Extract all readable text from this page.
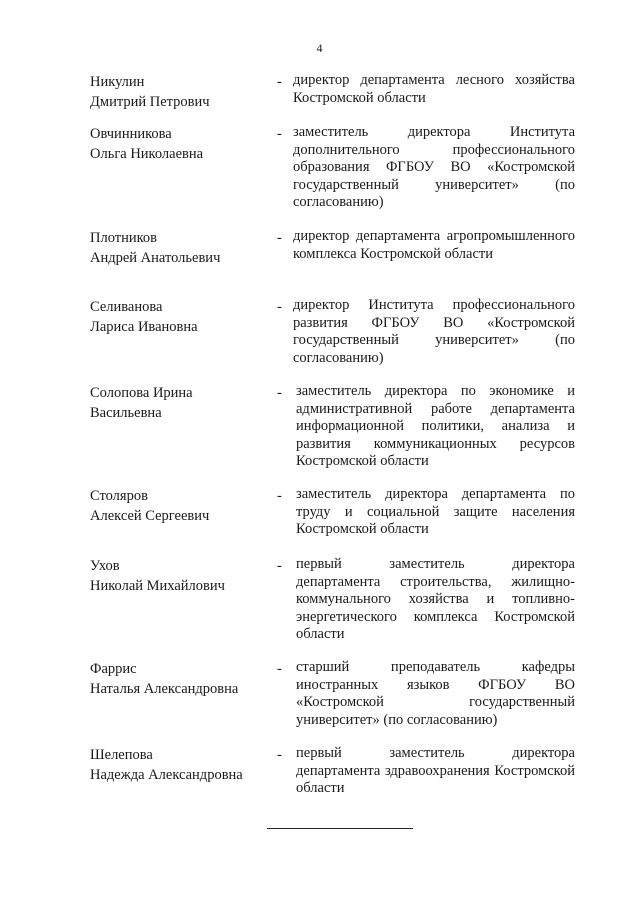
4
Никулин
Дмитрий Петрович
- директор департамента лесного хозяйства Костромской области
Овчинникова
Ольга Николаевна
- заместитель директора Института дополнительного профессионального образования ФГБОУ ВО «Костромской государственный университет» (по согласованию)
Плотников
Андрей Анатольевич
- директор департамента агропромышленного комплекса Костромской области
Селиванова
Лариса Ивановна
- директор Института профессионального развития ФГБОУ ВО «Костромской государственный университет» (по согласованию)
Солопова Ирина
Васильевна
- заместитель директора по экономике и административной работе департамента информационной политики, анализа и развития коммуникационных ресурсов Костромской области
Столяров
Алексей Сергеевич
- заместитель директора департамента по труду и социальной защите населения Костромской области
Ухов
Николай Михайлович
- первый заместитель директора департамента строительства, жилищно-коммунального хозяйства и топливно-энергетического комплекса Костромской области
Фаррис
Наталья Александровна
- старший преподаватель кафедры иностранных языков ФГБОУ ВО «Костромской государственный университет» (по согласованию)
Шелепова
Надежда Александровна
- первый заместитель директора департамента здравоохранения Костромской области
